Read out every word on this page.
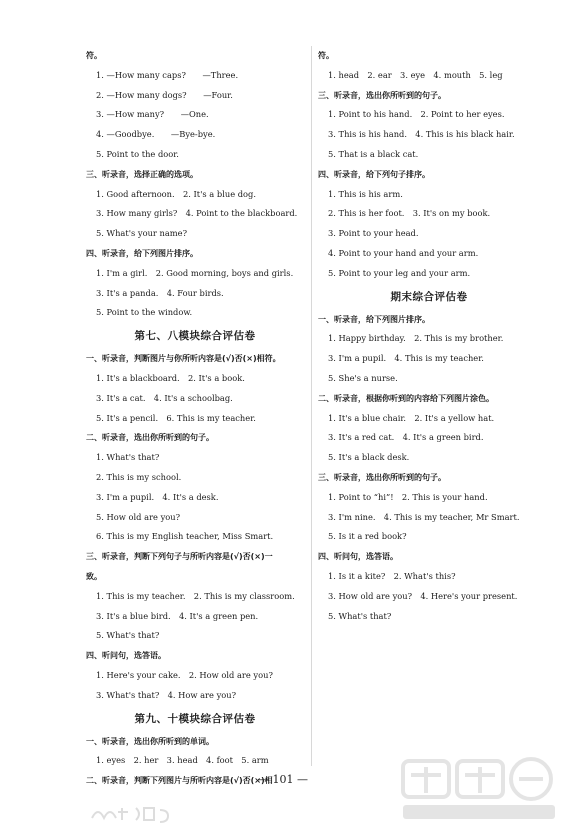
符。
1. —How many caps?　　—Three.
2. —How many dogs?　　—Four.
3. —How many?　　—One.
4. —Goodbye.　　—Bye-bye.
5. Point to the door.
三、听录音，选择正确的选项。
1. Good afternoon.　2. It's a blue dog.
3. How many girls?　4. Point to the blackboard.
5. What's your name?
四、听录音，给下列图片排序。
1. I'm a girl.　2. Good morning, boys and girls.
3. It's a panda.　4. Four birds.
5. Point to the window.
第七、八模块综合评估卷
一、听录音，判断图片与你所听内容是(√)否(×)相符。
1. It's a blackboard.　2. It's a book.
3. It's a cat.　4. It's a schoolbag.
5. It's a pencil.　6. This is my teacher.
二、听录音，选出你所听到的句子。
1. What's that?
2. This is my school.
3. I'm a pupil.　4. It's a desk.
5. How old are you?
6. This is my English teacher, Miss Smart.
三、听录音，判断下列句子与所听内容是(√)否(×)一
致。
1. This is my teacher.　2. This is my classroom.
3. It's a blue bird.　4. It's a green pen.
5. What's that?
四、听问句，选答语。
1. Here's your cake.　2. How old are you?
3. What's that?　4. How are you?
第九、十模块综合评估卷
一、听录音，选出你所听到的单词。
1. eyes　2. her　3. head　4. foot　5. arm
二、听录音，判断下列图片与所听内容是(√)否(×)相
符。
1. head　2. ear　3. eye　4. mouth　5. leg
三、听录音，选出你所听到的句子。
1. Point to his hand.　2. Point to her eyes.
3. This is his hand.　4. This is his black hair.
5. That is a black cat.
四、听录音，给下列句子排序。
1. This is his arm.
2. This is her foot.　3. It's on my book.
3. Point to your head.
4. Point to your hand and your arm.
5. Point to your leg and your arm.
期末综合评估卷
一、听录音，给下列图片排序。
1. Happy birthday.　2. This is my brother.
3. I'm a pupil.　4. This is my teacher.
5. She's a nurse.
二、听录音，根据你听到的内容给下列图片涂色。
1. It's a blue chair.　2. It's a yellow hat.
3. It's a red cat.　4. It's a green bird.
5. It's a black desk.
三、听录音，选出你所听到的句子。
1. Point to “hi”!　2. This is your hand.
3. I'm nine.　4. This is my teacher, Mr Smart.
5. Is it a red book?
四、听问句，选答语。
1. Is it a kite?　2. What's this?
3. How old are you?　4. Here's your present.
5. What's that?
— 101 —
